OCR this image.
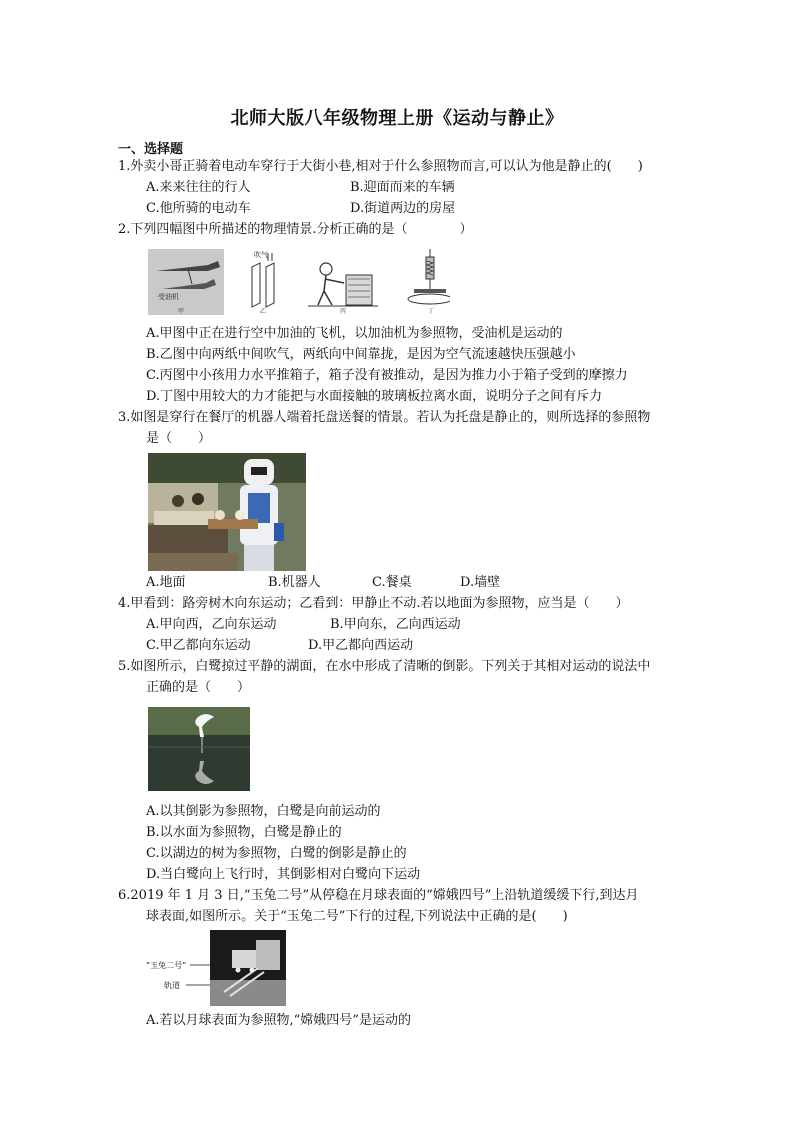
北师大版八年级物理上册《运动与静止》
一、选择题
1.外卖小哥正骑着电动车穿行于大街小巷,相对于什么参照物而言,可以认为他是静止的(　　)
A.来来往往的行人	B.迎面而来的车辆
C.他所骑的电动车	D.街道两边的房屋
2.下列四幅图中所描述的物理情景.分析正确的是（　　　　）
受油机
甲
吹气
乙	丙	丁
A.甲图中正在进行空中加油的飞机，以加油机为参照物，受油机是运动的
B.乙图中向两纸中间吹气，两纸向中间靠拢，是因为空气流速越快压强越小
C.丙图中小孩用力水平推箱子，箱子没有被推动，是因为推力小于箱子受到的摩擦力
D.丁图中用较大的力才能把与水面接触的玻璃板拉离水面，说明分子之间有斥力
3.如图是穿行在餐厅的机器人端着托盘送餐的情景。若认为托盘是静止的，则所选择的参照物
是（　　）
A.地面	B.机器人	C.餐桌	D.墙壁
4.甲看到：路旁树木向东运动；乙看到：甲静止不动.若以地面为参照物，应当是（　　）
A.甲向西，乙向东运动	B.甲向东，乙向西运动
C.甲乙都向东运动	D.甲乙都向西运动
5.如图所示，白鹭掠过平静的湖面，在水中形成了清晰的倒影。下列关于其相对运动的说法中
正确的是（　　）
A.以其倒影为参照物，白鹭是向前运动的
B.以水面为参照物，白鹭是静止的
C.以湖边的树为参照物，白鹭的倒影是静止的
D.当白鹭向上飞行时，其倒影相对白鹭向下运动
6.2019 年 1 月 3 日,“玉兔二号”从停稳在月球表面的“嫦娥四号”上沿轨道缓缓下行,到达月
球表面,如图所示。关于“玉兔二号”下行的过程,下列说法中正确的是(　　)
“玉兔二号”
轨道
A.若以月球表面为参照物,“嫦娥四号”是运动的
